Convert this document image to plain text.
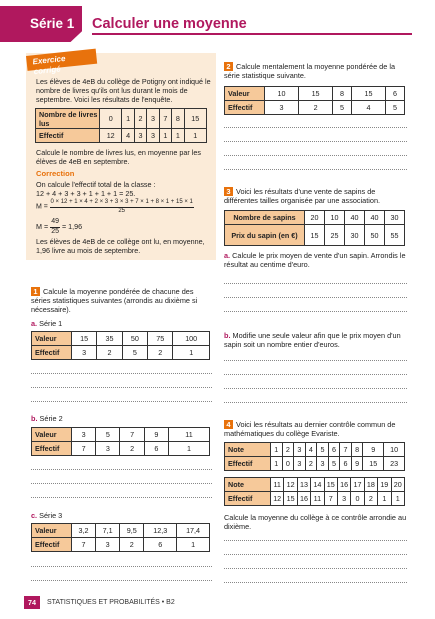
Série 1 Calculer une moyenne
Exercice corrigé
Les élèves de 4eB du collège de Potigny ont indiqué le nombre de livres qu'ils ont lus durant le mois de septembre. Voici les résultats de l'enquête.
Nombre de livres lus	0	1	2	3	7	8	15
Effectif	12	4	3	3	1	1	1
Calcule le nombre de livres lus, en moyenne par les élèves de 4eB en septembre.
Correction
On calcule l'effectif total de la classe :
12 + 4 + 3 + 3 + 1 + 1 + 1 = 25.
$M = \frac{0 \times 12 + 1 \times 4 + 2 \times 3 + 3 \times 3 + 7 \times 1 + 8 \times 1 + 15 \times 1}{25}$
$M = \frac{49}{25} = 1,96$
Les élèves de 4eB de ce collège ont lu, en moyenne, 1,96 livre au mois de septembre.
1 Calcule la moyenne pondérée de chacune des séries statistiques suivantes (arrondis au dixième si nécessaire).
a. Série 1
Valeur	15	35	50	75	100
Effectif	3	2	5	2	1
b. Série 2
Valeur	3	5	7	9	11
Effectif	7	3	2	6	1
c. Série 3
Valeur	3,2	7,1	9,5	12,3	17,4
Effectif	7	3	2	6	1
2 Calcule mentalement la moyenne pondérée de la série statistique suivante.
Valeur	10	15	8	15	6
Effectif	3	2	5	4	5
3 Voici les résultats d'une vente de sapins de différentes tailles organisée par une association.
Nombre de sapins	20	10	40	40	30
Prix du sapin (en €)	15	25	30	50	55
a. Calcule le prix moyen de vente d'un sapin. Arrondis le résultat au centime d'euro.
b. Modifie une seule valeur afin que le prix moyen d'un sapin soit un nombre entier d'euros.
4 Voici les résultats au dernier contrôle commun de mathématiques du collège Evariste.
Note	1	2	3	4	5	6	7	8	9	10
Effectif	1	0	3	2	3	5	6	9	15	23
Note	11	12	13	14	15	16	17	18	19	20
Effectif	12	15	16	11	7	3	0	2	1	1
Calcule la moyenne du collège à ce contrôle arrondie au dixième.
74	STATISTIQUES ET PROBABILITÉS • B2
